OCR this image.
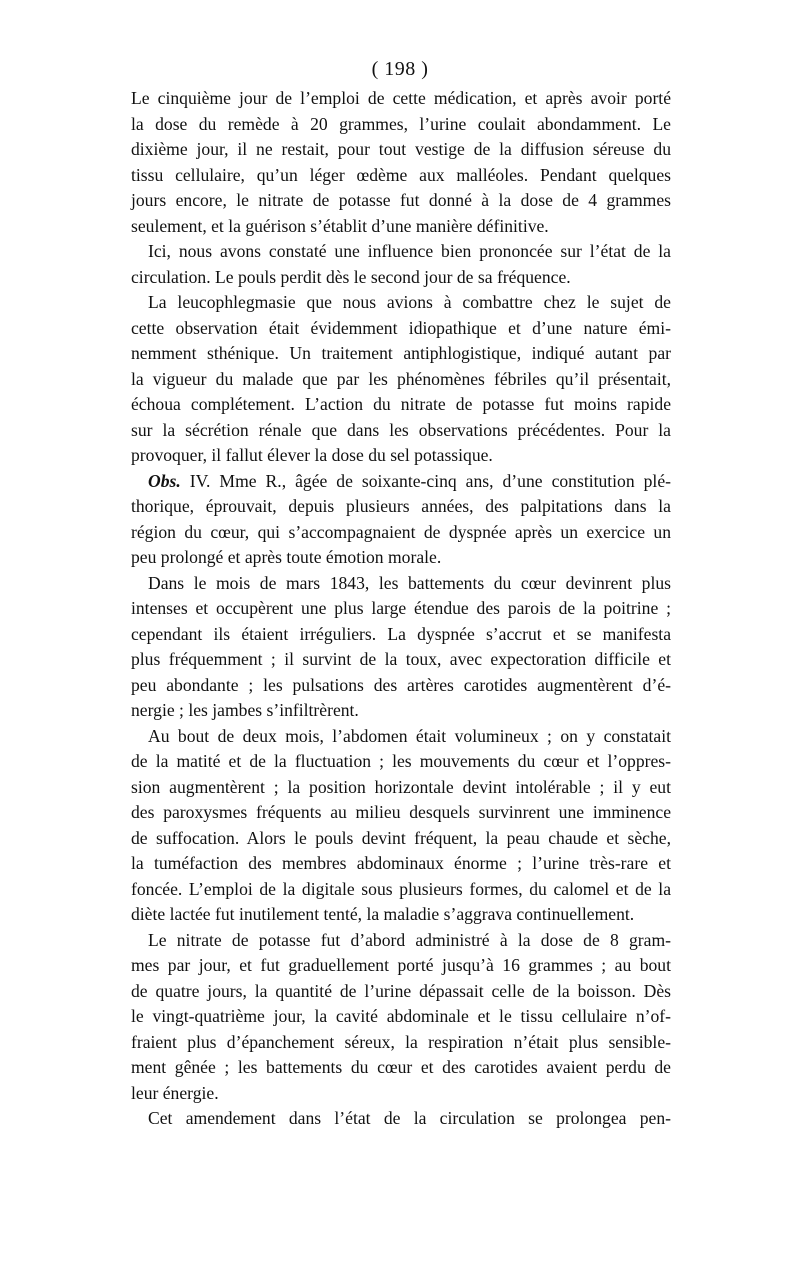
( 198 )
Le cinquième jour de l’emploi de cette médication, et après avoir porté
la dose du remède à 20 grammes, l’urine coulait abondamment. Le
dixième jour, il ne restait, pour tout vestige de la diffusion séreuse du
tissu cellulaire, qu’un léger œdème aux malléoles. Pendant quelques
jours encore, le nitrate de potasse fut donné à la dose de 4 grammes
seulement, et la guérison s’établit d’une manière définitive.
Ici, nous avons constaté une influence bien prononcée sur l’état de la
circulation. Le pouls perdit dès le second jour de sa fréquence.
La leucophlegmasie que nous avions à combattre chez le sujet de
cette observation était évidemment idiopathique et d’une nature émi-
nemment sthénique. Un traitement antiphlogistique, indiqué autant par
la vigueur du malade que par les phénomènes fébriles qu’il présentait,
échoua complétement. L’action du nitrate de potasse fut moins rapide
sur la sécrétion rénale que dans les observations précédentes. Pour la
provoquer, il fallut élever la dose du sel potassique.
Obs. IV. Mme R., âgée de soixante-cinq ans, d’une constitution plé-
thorique, éprouvait, depuis plusieurs années, des palpitations dans la
région du cœur, qui s’accompagnaient de dyspnée après un exercice un
peu prolongé et après toute émotion morale.
Dans le mois de mars 1843, les battements du cœur devinrent plus
intenses et occupèrent une plus large étendue des parois de la poitrine ;
cependant ils étaient irréguliers. La dyspnée s’accrut et se manifesta
plus fréquemment ; il survint de la toux, avec expectoration difficile et
peu abondante ; les pulsations des artères carotides augmentèrent d’é-
nergie ; les jambes s’infiltrèrent.
Au bout de deux mois, l’abdomen était volumineux ; on y constatait
de la matité et de la fluctuation ; les mouvements du cœur et l’oppres-
sion augmentèrent ; la position horizontale devint intolérable ; il y eut
des paroxysmes fréquents au milieu desquels survinrent une imminence
de suffocation. Alors le pouls devint fréquent, la peau chaude et sèche,
la tuméfaction des membres abdominaux énorme ; l’urine très-rare et
foncée. L’emploi de la digitale sous plusieurs formes, du calomel et de la
diète lactée fut inutilement tenté, la maladie s’aggrava continuellement.
Le nitrate de potasse fut d’abord administré à la dose de 8 gram-
mes par jour, et fut graduellement porté jusqu’à 16 grammes ; au bout
de quatre jours, la quantité de l’urine dépassait celle de la boisson. Dès
le vingt-quatrième jour, la cavité abdominale et le tissu cellulaire n’of-
fraient plus d’épanchement séreux, la respiration n’était plus sensible-
ment gênée ; les battements du cœur et des carotides avaient perdu de
leur énergie.
Cet amendement dans l’état de la circulation se prolongea pen-
